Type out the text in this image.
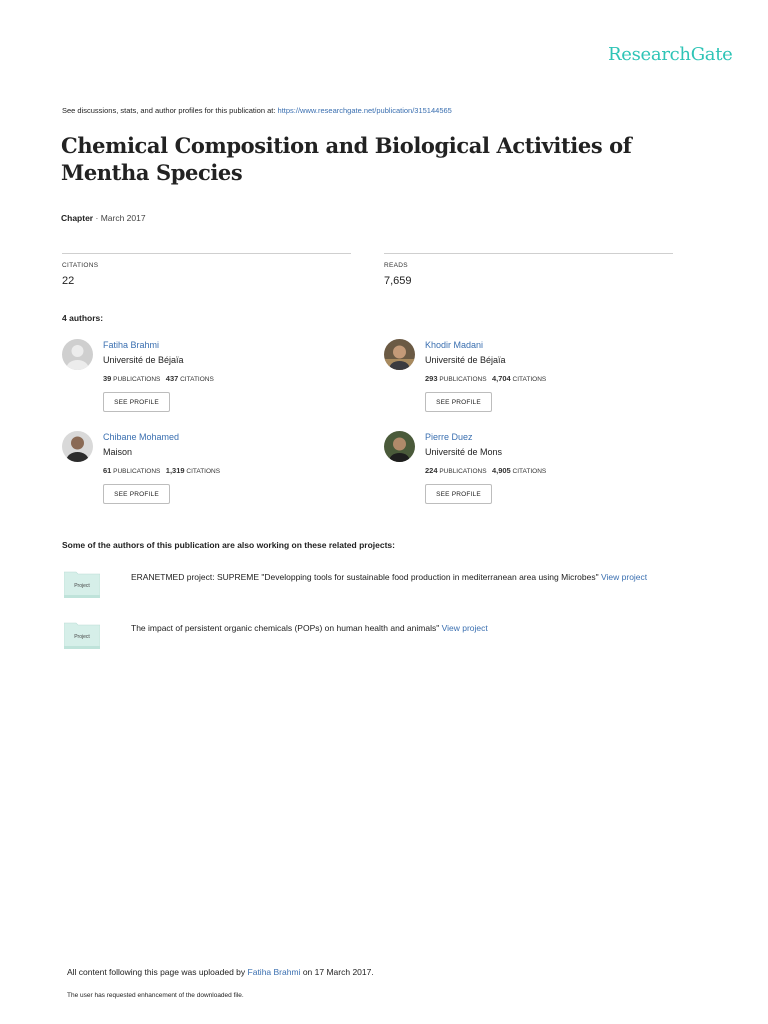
ResearchGate
See discussions, stats, and author profiles for this publication at: https://www.researchgate.net/publication/315144565
Chemical Composition and Biological Activities of Mentha Species
Chapter · March 2017
CITATIONS
22
READS
7,659
4 authors:
Fatiha Brahmi
Université de Béjaïa
39 PUBLICATIONS 437 CITATIONS
SEE PROFILE
Khodir Madani
Université de Béjaïa
293 PUBLICATIONS 4,704 CITATIONS
SEE PROFILE
Chibane Mohamed
Maison
61 PUBLICATIONS 1,319 CITATIONS
SEE PROFILE
Pierre Duez
Université de Mons
224 PUBLICATIONS 4,905 CITATIONS
SEE PROFILE
Some of the authors of this publication are also working on these related projects:
Project
ERANETMED project: SUPREME "Developping tools for sustainable food production in mediterranean area using Microbes" View project
Project
The impact of persistent organic chemicals (POPs) on human health and animals" View project
All content following this page was uploaded by Fatiha Brahmi on 17 March 2017.
The user has requested enhancement of the downloaded file.
